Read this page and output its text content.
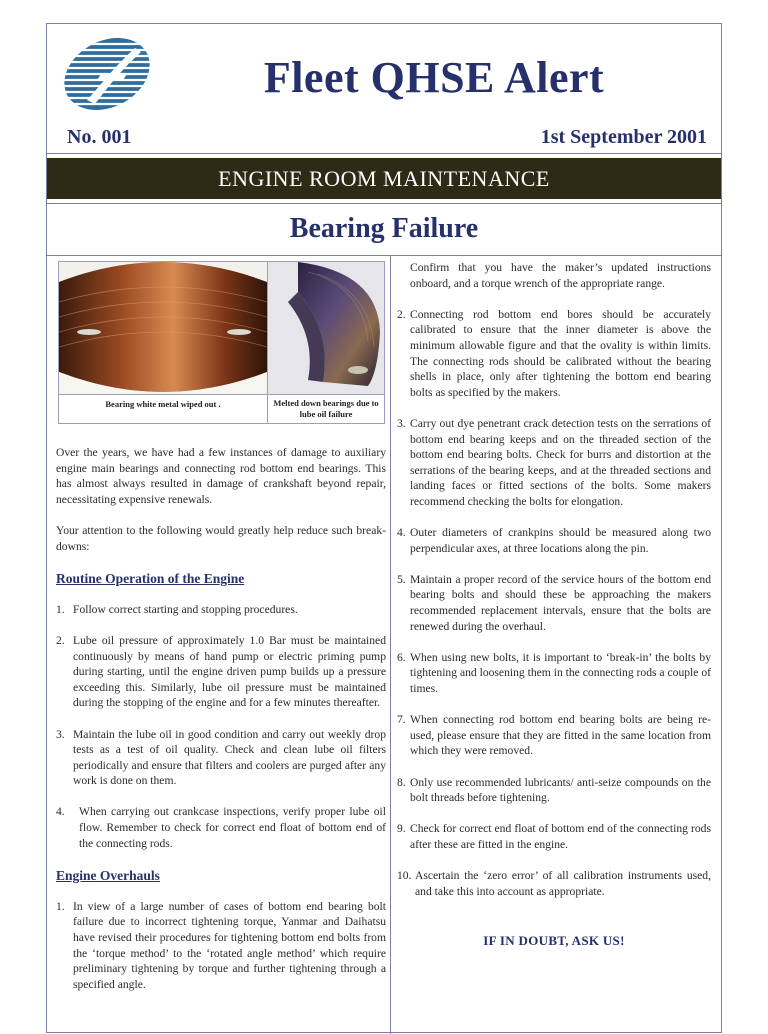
Fleet QHSE Alert
No. 001	1st September 2001
ENGINE ROOM MAINTENANCE
Bearing Failure
Bearing white metal wiped out .	Melted down bearings due to lube oil failure

Over the years, we have had a few instances of damage to auxiliary engine main bearings and connecting rod bottom end bearings. This has almost always resulted in damage of crankshaft beyond repair, necessitating expensive renewals.

Your attention to the following would greatly help reduce such break-downs:

Routine Operation of the Engine
1. Follow correct starting and stopping procedures.
2. Lube oil pressure of approximately 1.0 Bar must be maintained continuously by means of hand pump or electric priming pump during starting, until the engine driven pump builds up a pressure exceeding this. Similarly, lube oil pressure must be maintained during the stopping of the engine and for a few minutes thereafter.
3. Maintain the lube oil in good condition and carry out weekly drop tests as a test of oil quality. Check and clean lube oil filters periodically and ensure that filters and coolers are purged after any work is done on them.
4.	When carrying out crankcase inspections, verify proper lube oil flow. Remember to check for correct end float of bottom end of the connecting rods.
Engine Overhauls
1. In view of a large number of cases of bottom end bearing bolt failure due to incorrect tightening torque, Yanmar and Daihatsu have revised their procedures for tightening bottom end bolts from the ‘torque method’ to the ‘rotated angle method’ which require preliminary tightening by torque and further tightening through a specified angle.

Confirm that you have the maker’s updated instructions onboard, and a torque wrench of the appropriate range.

2. Connecting rod bottom end bores should be accurately calibrated to ensure that the inner diameter is above the minimum allowable figure and that the ovality is within limits. The connecting rods should be calibrated without the bearing shells in place, only after tightening the bottom end bearing bolts as specified by the makers.
3. Carry out dye penetrant crack detection tests on the serrations of bottom end bearing keeps and on the threaded section of the bottom end bearing bolts. Check for burrs and distortion at the serrations of the bearing keeps, and at the threaded sections and landing faces or fitted sections of the bolts. Some makers recommend checking the bolts for elongation.
4. Outer diameters of crankpins should be measured along two perpendicular axes, at three locations along the pin.
5. Maintain a proper record of the service hours of the bottom end bearing bolts and should these be approaching the makers recommended replacement intervals, ensure that the bolts are renewed during the overhaul.
6. When using new bolts, it is important to ‘break-in’ the bolts by tightening and loosening them in the connecting rods a couple of times.
7. When connecting rod bottom end bearing bolts are being re-used, please ensure that they are fitted in the same location from which they were removed.
8. Only use recommended lubricants/ anti-seize compounds on the bolt threads before tightening.
9. Check for correct end float of bottom end of the connecting rods after these are fitted in the engine.
10. Ascertain the ‘zero error’ of all calibration instruments used, and take this into account as appropriate.
IF IN DOUBT, ASK US!
